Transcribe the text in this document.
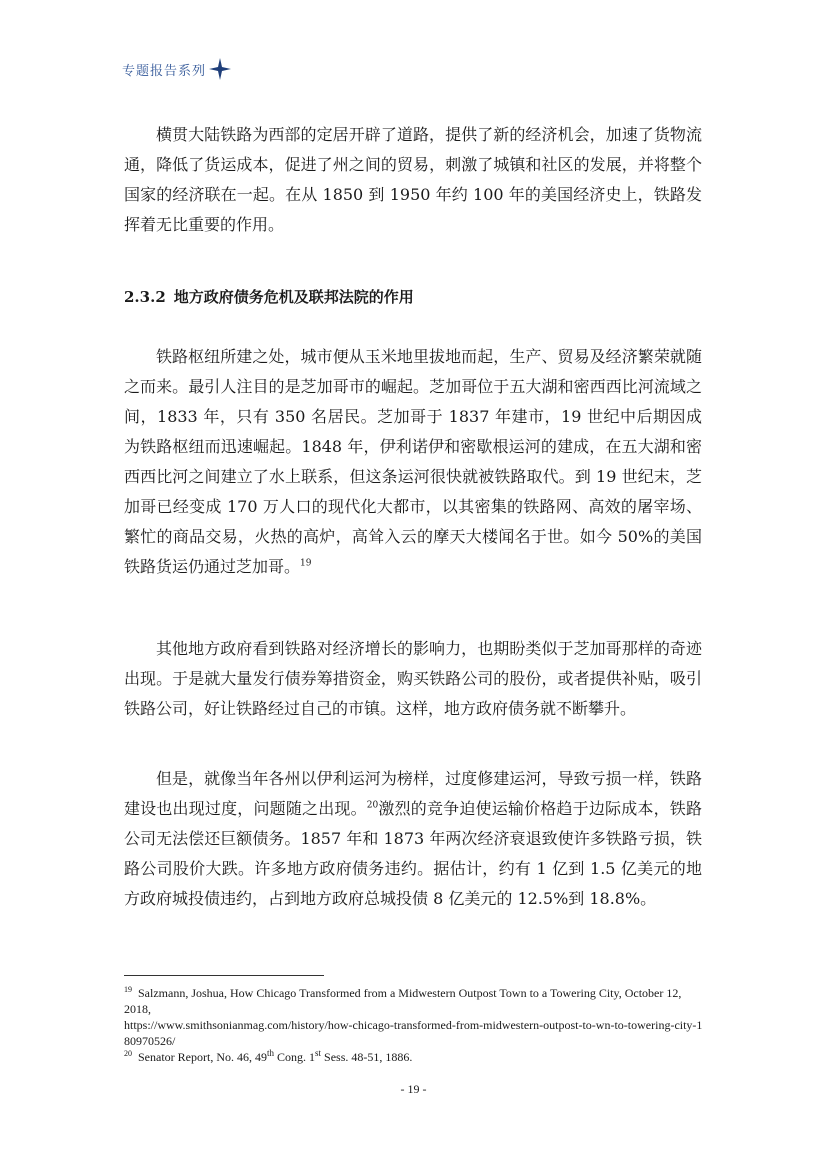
专题报告系列

横贯大陆铁路为西部的定居开辟了道路，提供了新的经济机会，加速了货物流通，降低了货运成本，促进了州之间的贸易，刺激了城镇和社区的发展，并将整个国家的经济联在一起。在从 1850 到 1950 年约 100 年的美国经济史上，铁路发挥着无比重要的作用。

2.3.2 地方政府债务危机及联邦法院的作用

铁路枢纽所建之处，城市便从玉米地里拔地而起，生产、贸易及经济繁荣就随之而来。最引人注目的是芝加哥市的崛起。芝加哥位于五大湖和密西西比河流域之间，1833 年，只有 350 名居民。芝加哥于 1837 年建市，19 世纪中后期因成为铁路枢纽而迅速崛起。1848 年，伊利诺伊和密歇根运河的建成，在五大湖和密西西比河之间建立了水上联系，但这条运河很快就被铁路取代。到 19 世纪末，芝加哥已经变成 170 万人口的现代化大都市，以其密集的铁路网、高效的屠宰场、繁忙的商品交易，火热的高炉，高耸入云的摩天大楼闻名于世。如今 50%的美国铁路货运仍通过芝加哥。$^{19}$

其他地方政府看到铁路对经济增长的影响力，也期盼类似于芝加哥那样的奇迹出现。于是就大量发行债券筹措资金，购买铁路公司的股份，或者提供补贴，吸引铁路公司，好让铁路经过自己的市镇。这样，地方政府债务就不断攀升。

但是，就像当年各州以伊利运河为榜样，过度修建运河，导致亏损一样，铁路建设也出现过度，问题随之出现。$^{20}$激烈的竞争迫使运输价格趋于边际成本，铁路公司无法偿还巨额债务。1857 年和 1873 年两次经济衰退致使许多铁路亏损，铁路公司股价大跌。许多地方政府债务违约。据估计，约有 1 亿到 1.5 亿美元的地方政府城投债违约，占到地方政府总城投债 8 亿美元的 12.5%到 18.8%。

$^{19}$ Salzmann, Joshua, How Chicago Transformed from a Midwestern Outpost Town to a Towering City, October 12, 2018,

https://www.smithsonianmag.com/history/how-chicago-transformed-from-midwestern-outpost-to-wn-to-towering-city-180970526/

$^{20}$ Senator Report, No. 46, 49th Cong. 1st Sess. 48-51, 1886.

- 19 -
